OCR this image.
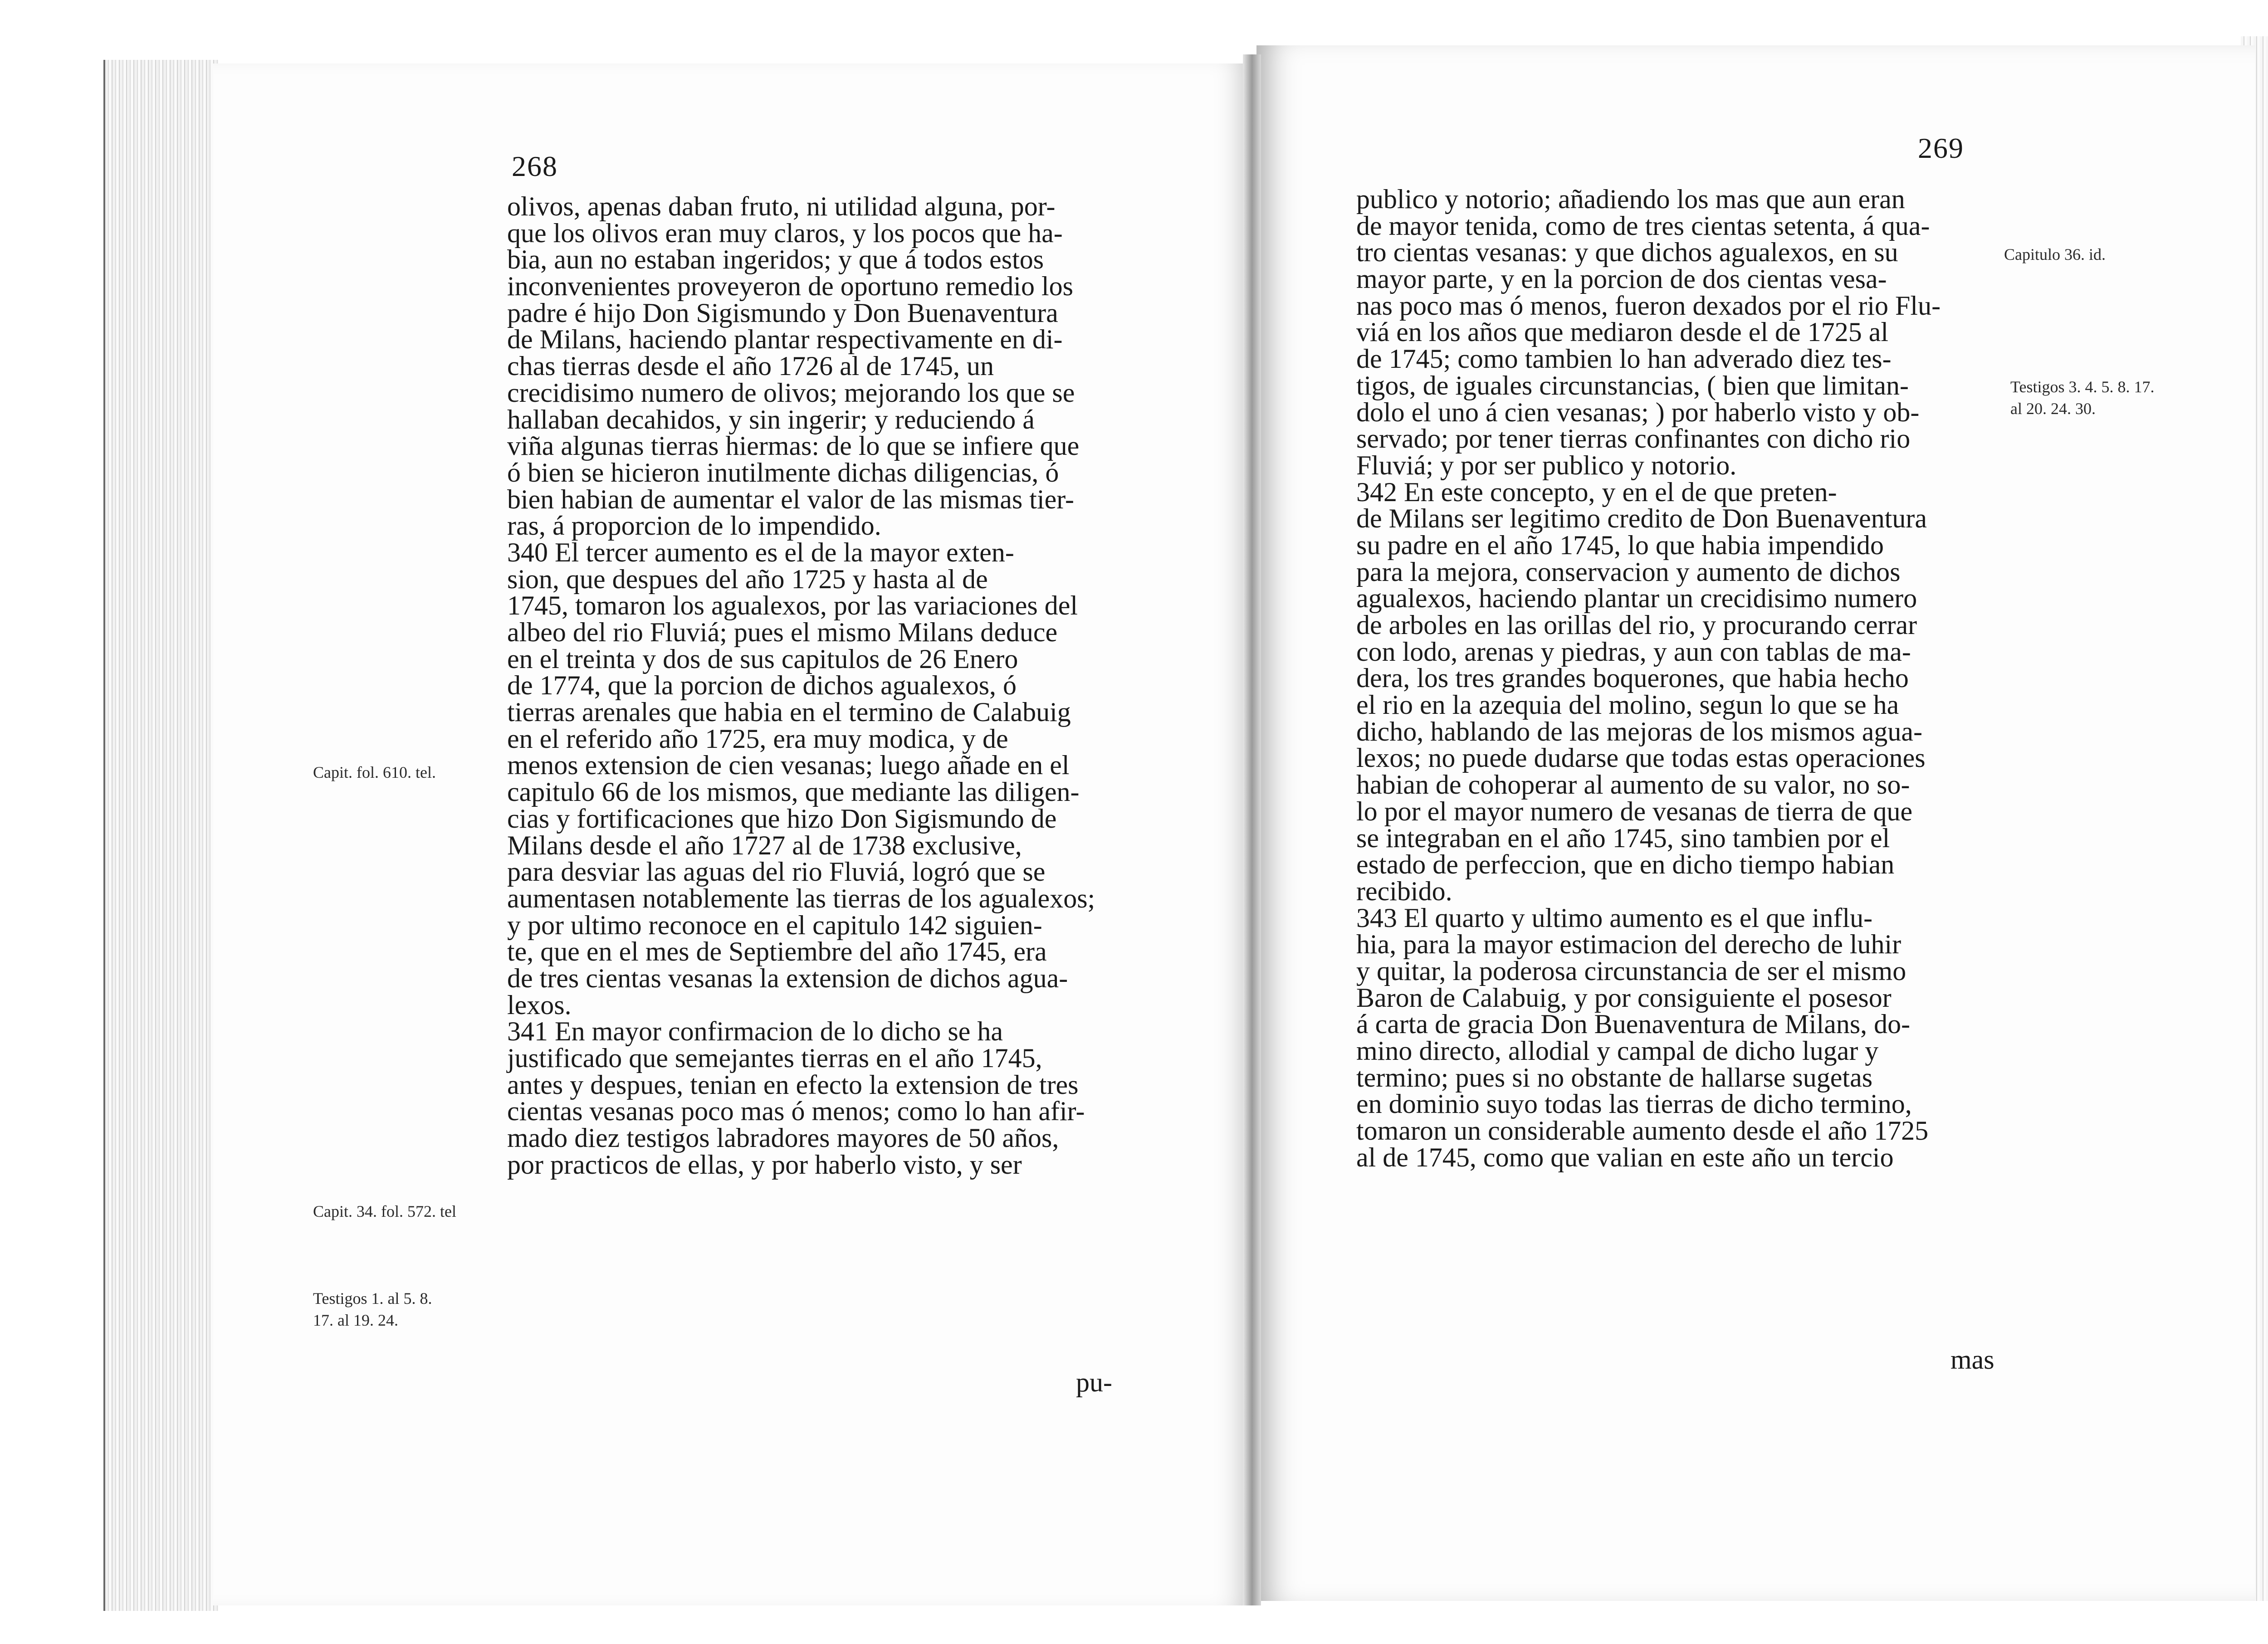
268
olivos, apenas daban fruto, ni utilidad alguna, por-
que los olivos eran muy claros, y los pocos que ha-
bia, aun no estaban ingeridos; y que á todos estos
inconvenientes proveyeron de oportuno remedio los
padre é hijo Don Sigismundo y Don Buenaventura
de Milans, haciendo plantar respectivamente en di-
chas tierras desde el año 1726 al de 1745, un
crecidisimo numero de olivos; mejorando los que se
hallaban decahidos, y sin ingerir; y reduciendo á
viña algunas tierras hiermas: de lo que se infiere que
ó bien se hicieron inutilmente dichas diligencias, ó
bien habian de aumentar el valor de las mismas tier-
ras, á proporcion de lo impendido.
340 El tercer aumento es el de la mayor exten-
sion, que despues del año 1725 y hasta al de
1745, tomaron los agualexos, por las variaciones del
albeo del rio Fluviá; pues el mismo Milans deduce
en el treinta y dos de sus capitulos de 26 Enero
de 1774, que la porcion de dichos agualexos, ó
tierras arenales que habia en el termino de Calabuig
en el referido año 1725, era muy modica, y de
menos extension de cien vesanas; luego añade en el
capitulo 66 de los mismos, que mediante las diligen-
cias y fortificaciones que hizo Don Sigismundo de
Milans desde el año 1727 al de 1738 exclusive,
para desviar las aguas del rio Fluviá, logró que se
aumentasen notablemente las tierras de los agualexos;
y por ultimo reconoce en el capitulo 142 siguien-
te, que en el mes de Septiembre del año 1745, era
de tres cientas vesanas la extension de dichos agua-
lexos.
341 En mayor confirmacion de lo dicho se ha
justificado que semejantes tierras en el año 1745,
antes y despues, tenian en efecto la extension de tres
cientas vesanas poco mas ó menos; como lo han afir-
mado diez testigos labradores mayores de 50 años,
por practicos de ellas, y por haberlo visto, y ser
pu-
Capit. fol. 610. tel.
Capit. 34. fol. 572. tel
Testigos 1. al 5. 8.
17. al 19. 24.
269
publico y notorio; añadiendo los mas que aun eran
de mayor tenida, como de tres cientas setenta, á qua-
tro cientas vesanas: y que dichos agualexos, en su
mayor parte, y en la porcion de dos cientas vesa-
nas poco mas ó menos, fueron dexados por el rio Flu-
viá en los años que mediaron desde el de 1725 al
de 1745; como tambien lo han adverado diez tes-
tigos, de iguales circunstancias, ( bien que limitan-
dolo el uno á cien vesanas; ) por haberlo visto y ob-
servado; por tener tierras confinantes con dicho rio
Fluviá; y por ser publico y notorio.
342 En este concepto, y en el de que preten-
de Milans ser legitimo credito de Don Buenaventura
su padre en el año 1745, lo que habia impendido
para la mejora, conservacion y aumento de dichos
agualexos, haciendo plantar un crecidisimo numero
de arboles en las orillas del rio, y procurando cerrar
con lodo, arenas y piedras, y aun con tablas de ma-
dera, los tres grandes boquerones, que habia hecho
el rio en la azequia del molino, segun lo que se ha
dicho, hablando de las mejoras de los mismos agua-
lexos; no puede dudarse que todas estas operaciones
habian de cohoperar al aumento de su valor, no so-
lo por el mayor numero de vesanas de tierra de que
se integraban en el año 1745, sino tambien por el
estado de perfeccion, que en dicho tiempo habian
recibido.
343 El quarto y ultimo aumento es el que influ-
hia, para la mayor estimacion del derecho de luhir
y quitar, la poderosa circunstancia de ser el mismo
Baron de Calabuig, y por consiguiente el posesor
á carta de gracia Don Buenaventura de Milans, do-
mino directo, allodial y campal de dicho lugar y
termino; pues si no obstante de hallarse sugetas
en dominio suyo todas las tierras de dicho termino,
tomaron un considerable aumento desde el año 1725
al de 1745, como que valian en este año un tercio
mas
Capitulo 36. id.
Testigos 3. 4. 5. 8. 17.
al 20. 24. 30.
